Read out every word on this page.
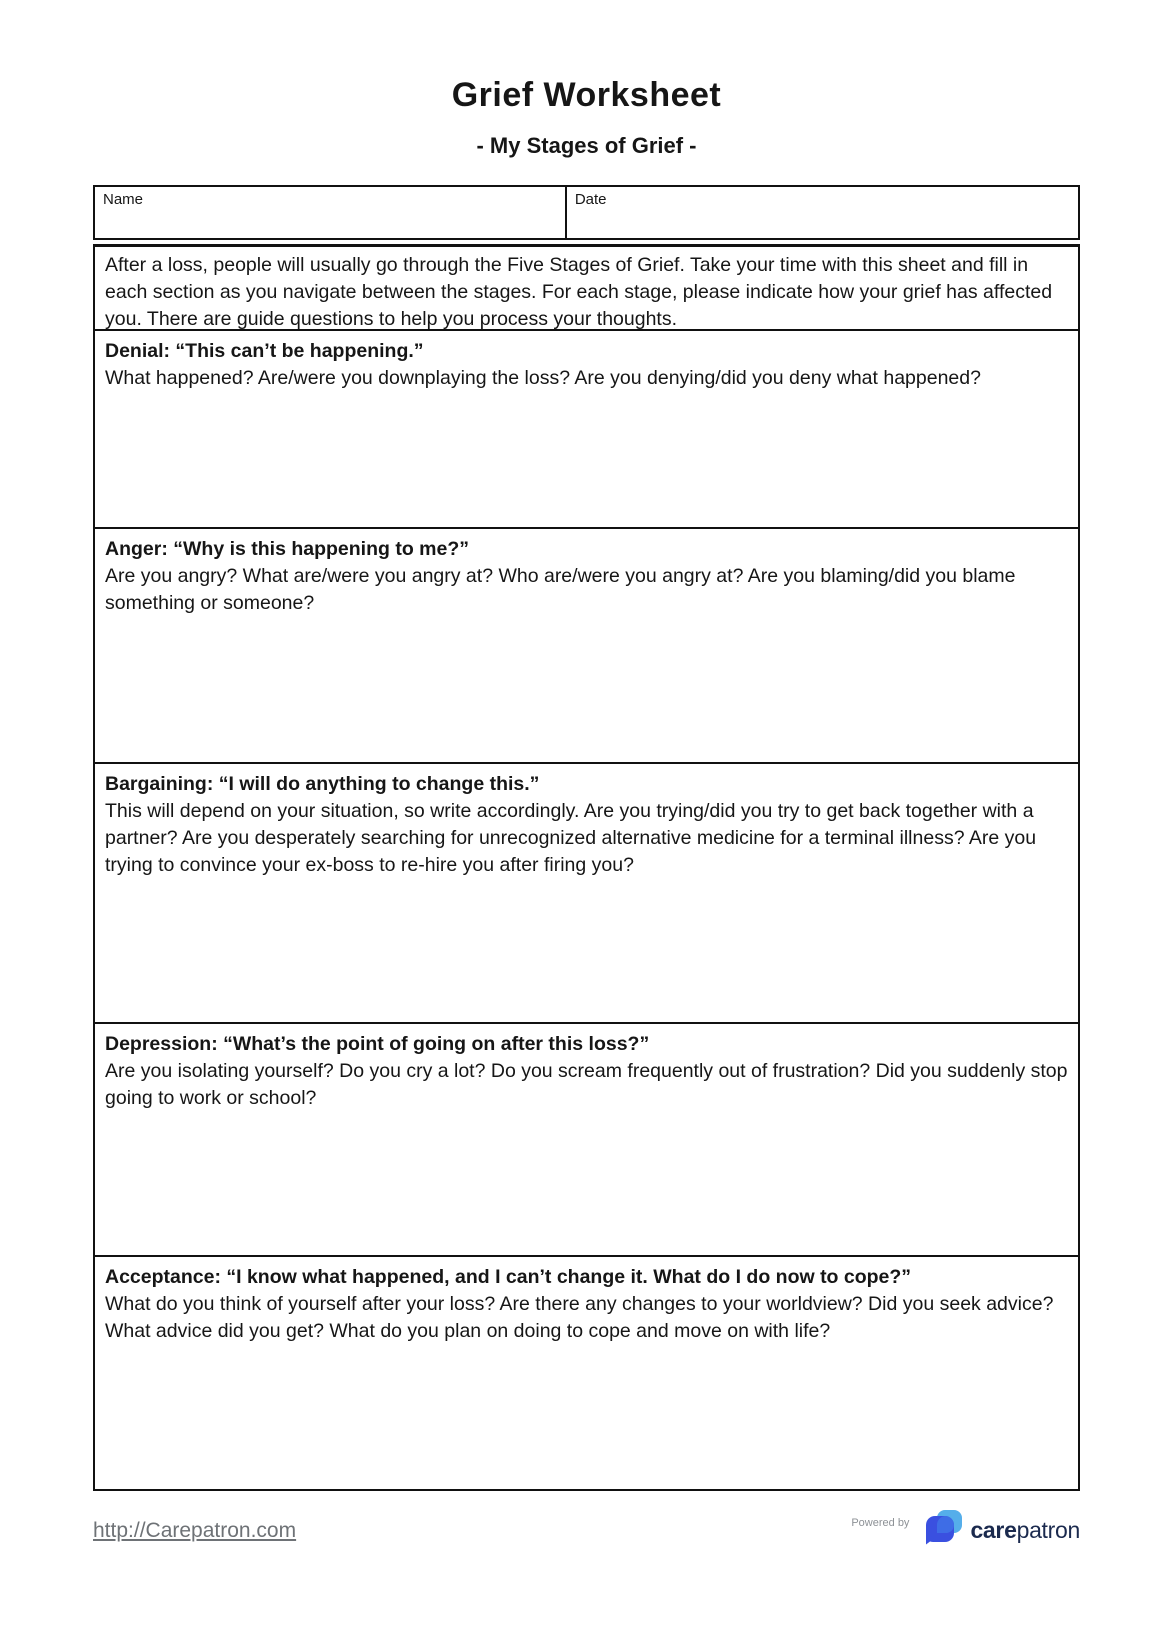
Grief Worksheet
- My Stages of Grief -
Name	Date
After a loss, people will usually go through the Five Stages of Grief. Take your time with this sheet and fill in each section as you navigate between the stages. For each stage, please indicate how your grief has affected you. There are guide questions to help you process your thoughts.
Denial: “This can’t be happening.”
What happened? Are/were you downplaying the loss? Are you denying/did you deny what happened?
Anger: “Why is this happening to me?”
Are you angry? What are/were you angry at? Who are/were you angry at? Are you blaming/did you blame something or someone?
Bargaining: “I will do anything to change this.”
This will depend on your situation, so write accordingly. Are you trying/did you try to get back together with a partner? Are you desperately searching for unrecognized alternative medicine for a terminal illness? Are you trying to convince your ex-boss to re-hire you after firing you?
Depression: “What’s the point of going on after this loss?”
Are you isolating yourself? Do you cry a lot? Do you scream frequently out of frustration? Did you suddenly stop going to work or school?
Acceptance: “I know what happened, and I can’t change it. What do I do now to cope?”
What do you think of yourself after your loss? Are there any changes to your worldview? Did you seek advice? What advice did you get? What do you plan on doing to cope and move on with life?
http://Carepatron.com	Powered by	carepatron
